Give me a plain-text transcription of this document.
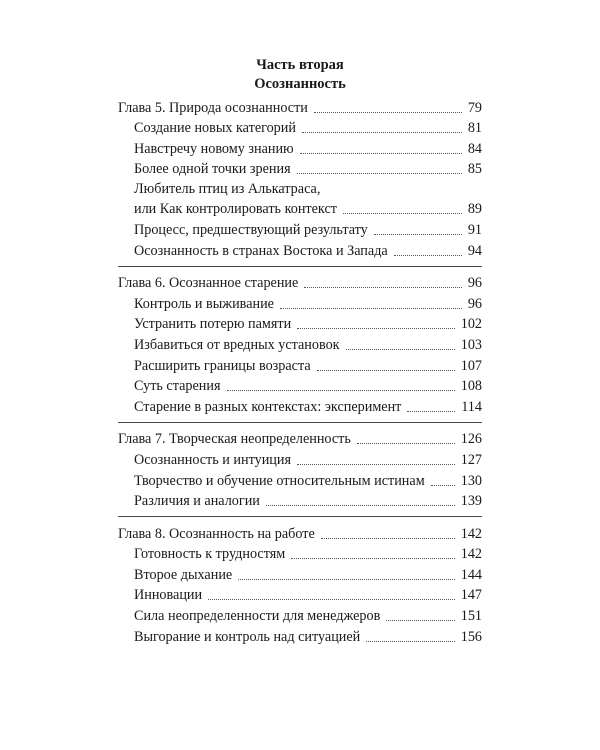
Часть вторая
Осознанность
Глава 5. Природа осознанности	79
Создание новых категорий	81
Навстречу новому знанию	84
Более одной точки зрения	85
Любитель птиц из Алькатраса,
или Как контролировать контекст	89
Процесс, предшествующий результату	91
Осознанность в странах Востока и Запада	94
Глава 6. Осознанное старение	96
Контроль и выживание	96
Устранить потерю памяти	102
Избавиться от вредных установок	103
Расширить границы возраста	107
Суть старения	108
Старение в разных контекстах: эксперимент	114
Глава 7. Творческая неопределенность	126
Осознанность и интуиция	127
Творчество и обучение относительным истинам	130
Различия и аналогии	139
Глава 8. Осознанность на работе	142
Готовность к трудностям	142
Второе дыхание	144
Инновации	147
Сила неопределенности для менеджеров	151
Выгорание и контроль над ситуацией	156
